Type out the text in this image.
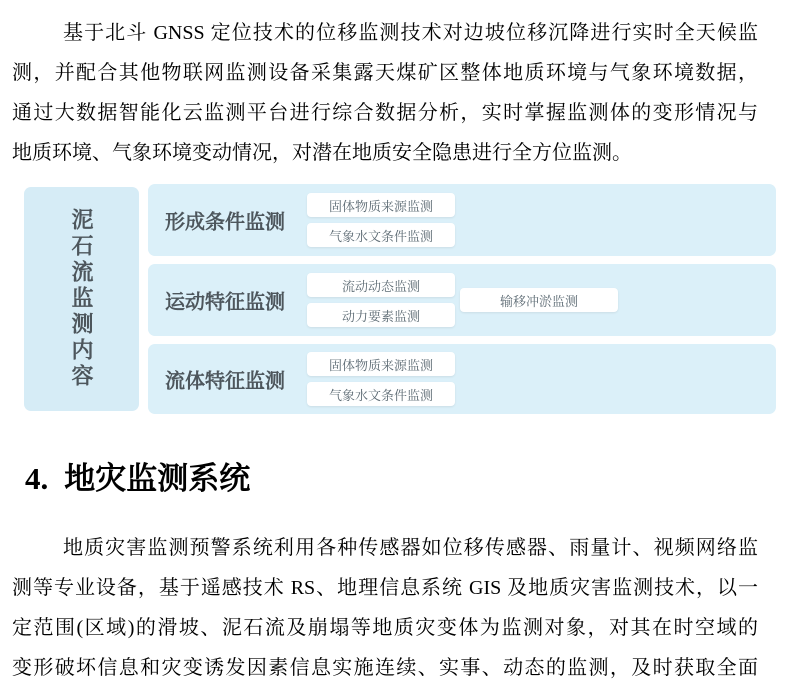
基于北斗 GNSS 定位技术的位移监测技术对边坡位移沉降进行实时全天候监
测，并配合其他物联网监测设备采集露天煤矿区整体地质环境与气象环境数据，
通过大数据智能化云监测平台进行综合数据分析，实时掌握监测体的变形情况与
地质环境、气象环境变动情况，对潜在地质安全隐患进行全方位监测。
泥石流监测内容	形成条件监测
固体物质来源监测
气象水文条件监测
运动特征监测
流动动态监测
动力要素监测
输移冲淤监测
流体特征监测
固体物质来源监测
气象水文条件监测
4. 地灾监测系统
地质灾害监测预警系统利用各种传感器如位移传感器、雨量计、视频网络监
测等专业设备，基于遥感技术 RS、地理信息系统 GIS 及地质灾害监测技术，以一
定范围(区域)的滑坡、泥石流及崩塌等地质灾变体为监测对象，对其在时空域的
变形破坏信息和灾变诱发因素信息实施连续、实事、动态的监测，及时获取全面
